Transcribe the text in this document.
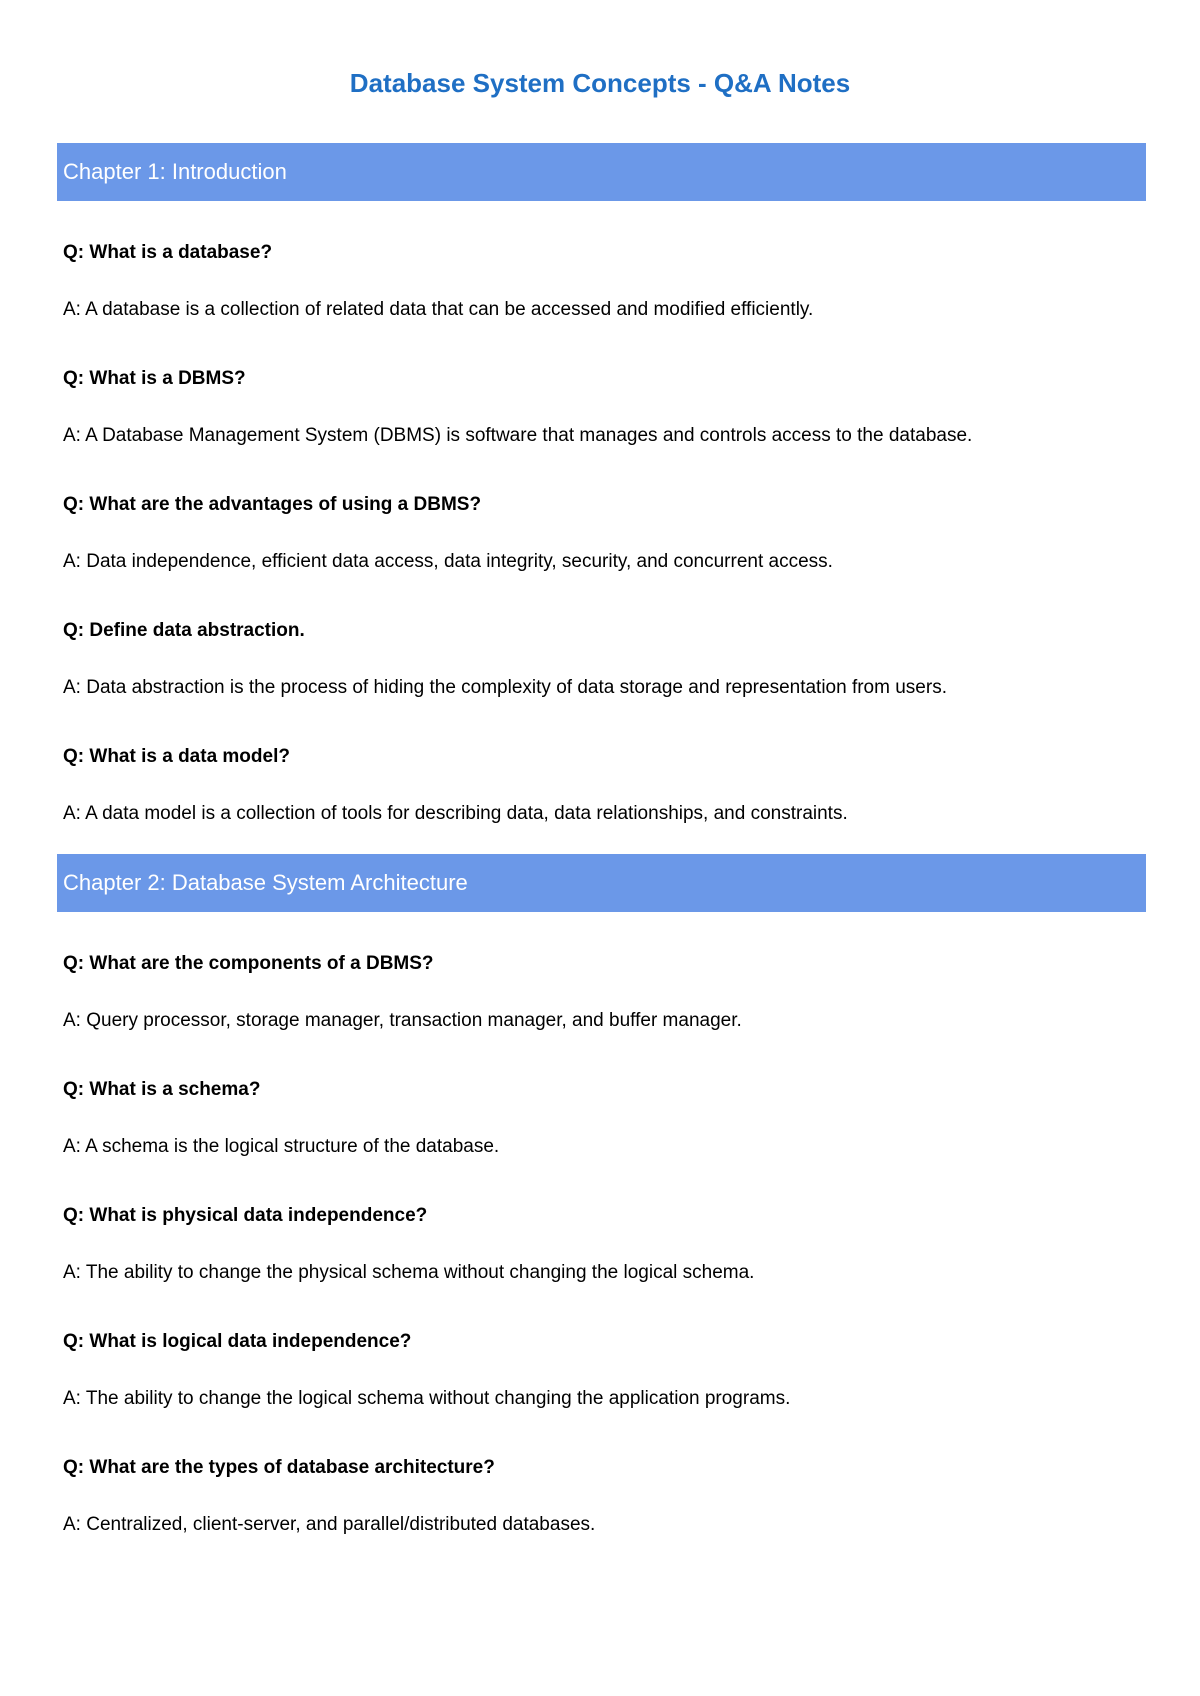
Database System Concepts - Q&A Notes
Chapter 1: Introduction

Q: What is a database?

A: A database is a collection of related data that can be accessed and modified efficiently.

Q: What is a DBMS?

A: A Database Management System (DBMS) is software that manages and controls access to the database.

Q: What are the advantages of using a DBMS?

A: Data independence, efficient data access, data integrity, security, and concurrent access.

Q: Define data abstraction.

A: Data abstraction is the process of hiding the complexity of data storage and representation from users.

Q: What is a data model?

A: A data model is a collection of tools for describing data, data relationships, and constraints.

Chapter 2: Database System Architecture

Q: What are the components of a DBMS?

A: Query processor, storage manager, transaction manager, and buffer manager.

Q: What is a schema?

A: A schema is the logical structure of the database.

Q: What is physical data independence?

A: The ability to change the physical schema without changing the logical schema.

Q: What is logical data independence?

A: The ability to change the logical schema without changing the application programs.

Q: What are the types of database architecture?

A: Centralized, client-server, and parallel/distributed databases.
